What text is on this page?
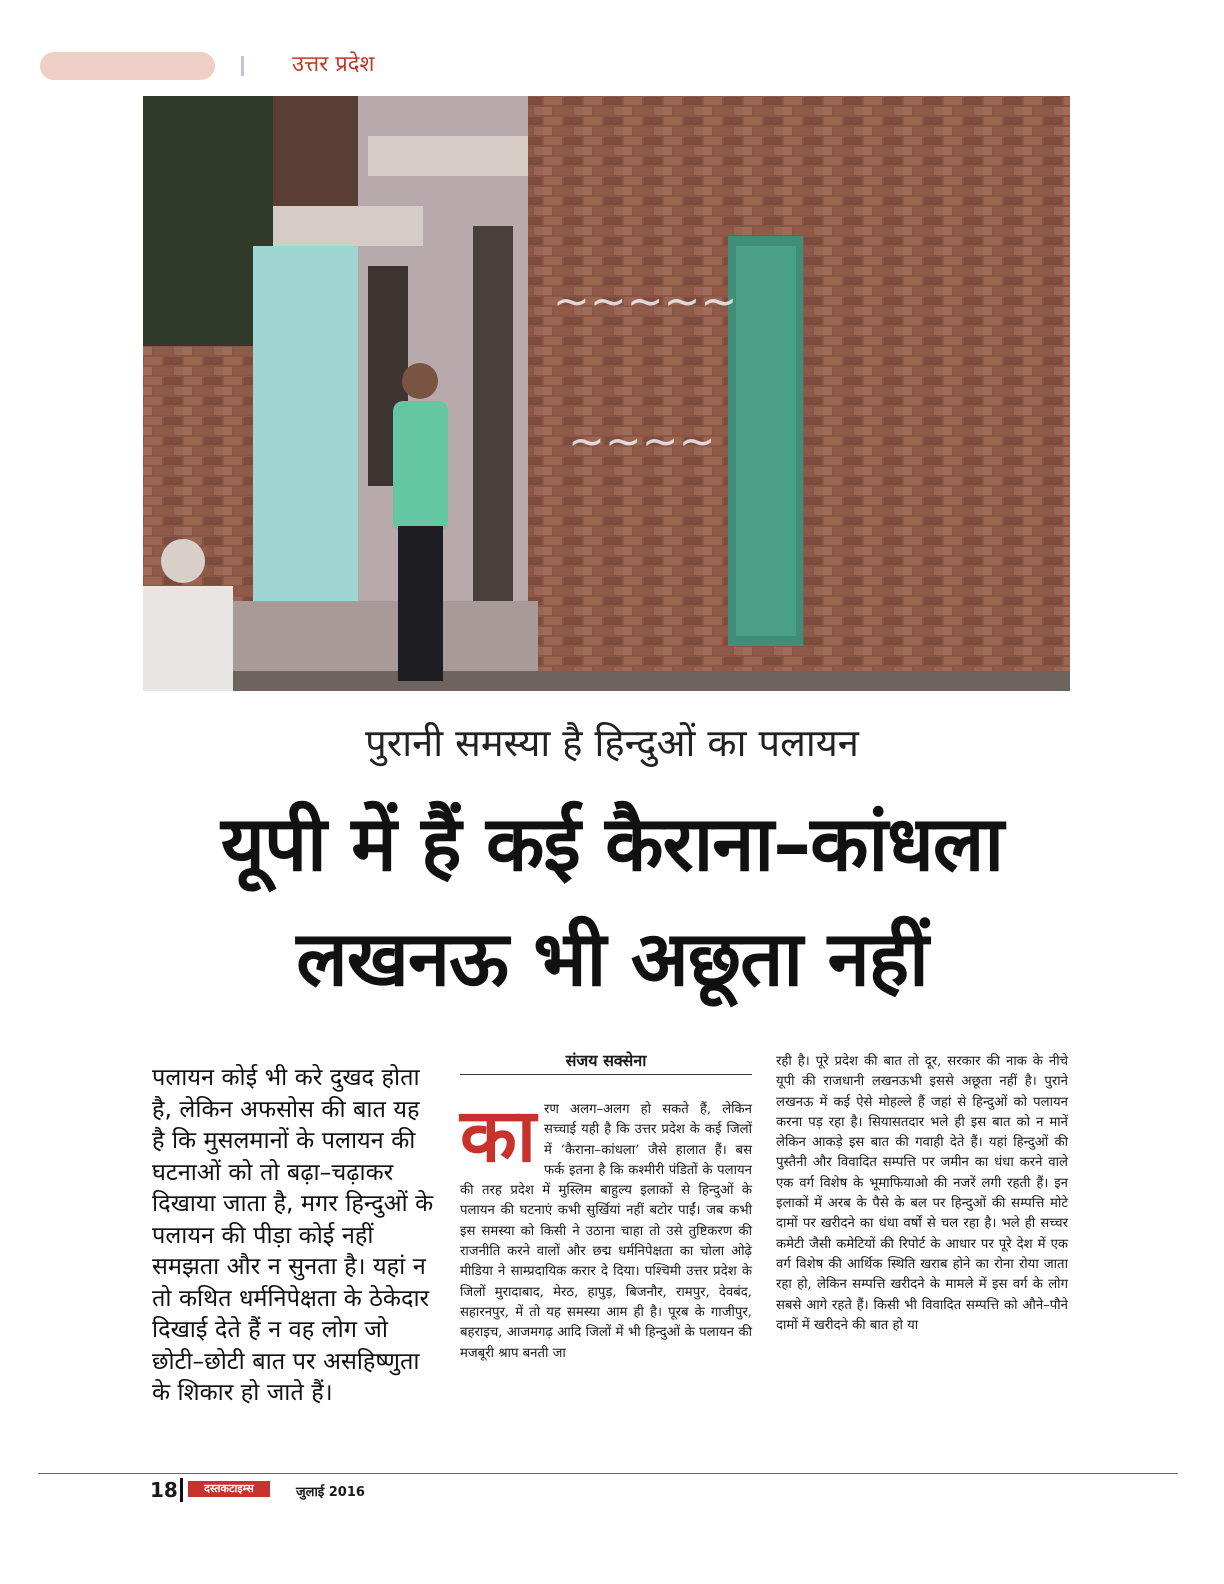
उत्तर प्रदेश
~~~~~
~~~~
पुरानी समस्या है हिन्दुओं का पलायन
यूपी में हैं कई कैराना–कांधला
लखनऊ भी अछूता नहीं
पलायन कोई भी करे दुखद होता है, लेकिन अफसोस की बात यह है कि मुसलमानों के पलायन की घटनाओं को तो बढ़ा–चढ़ाकर दिखाया जाता है, मगर हिन्दुओं के पलायन की पीड़ा कोई नहीं समझता और न सुनता है। यहां न तो कथित धर्मनिपेक्षता के ठेकेदार दिखाई देते हैं न वह लोग जो छोटी–छोटी बात पर असहिष्णुता के शिकार हो जाते हैं।
संजय सक्सेना
का रण अलग–अलग हो सकते हैं, लेकिन सच्चाई यही है कि उत्तर प्रदेश के कई जिलों में ‘कैराना–कांधला’ जैसे हालात हैं। बस फर्क इतना है कि कश्मीरी पंडितों के पलायन की तरह प्रदेश में मुस्लिम बाहुल्य इलाकों से हिन्दुओं के पलायन की घटनाएं कभी सुर्खियां नहीं बटोर पाईं। जब कभी इस समस्या को किसी ने उठाना चाहा तो उसे तुष्टिकरण की राजनीति करने वालों और छद्म धर्मनिपेक्षता का चोला ओढ़े मीडिया ने साम्प्रदायिक करार दे दिया। पश्चिमी उत्तर प्रदेश के जिलों मुरादाबाद, मेरठ, हापुड़, बिजनौर, रामपुर, देवबंद, सहारनपुर, में तो यह समस्या आम ही है। पूरब के गाजीपुर, बहराइच, आजमगढ़ आदि जिलों में भी हिन्दुओं के पलायन की मजबूरी श्राप बनती जा
रही है। पूरे प्रदेश की बात तो दूर, सरकार की नाक के नीचे यूपी की राजधानी लखनऊभी इससे अछूता नहीं है। पुराने लखनऊ में कई ऐसे मोहल्ले हैं जहां से हिन्दुओं को पलायन करना पड़ रहा है। सियासतदार भले ही इस बात को न मानें लेकिन आकड़े इस बात की गवाही देते हैं। यहां हिन्दुओं की पुस्तैनी और विवादित सम्पत्ति पर जमीन का धंधा करने वाले एक वर्ग विशेष के भूमाफियाओ की नजरें लगी रहती हैं। इन इलाकों में अरब के पैसे के बल पर हिन्दुओं की सम्पत्ति मोटे दामों पर खरीदने का धंधा वर्षों से चल रहा है। भले ही सच्चर कमेटी जैसी कमेटियों की रिपोर्ट के आधार पर पूरे देश में एक वर्ग विशेष की आर्थिक स्थिति खराब होने का रोना रोया जाता रहा हो, लेकिन सम्पत्ति खरीदने के मामले में इस वर्ग के लोग सबसे आगे रहते हैं। किसी भी विवादित सम्पत्ति को औने–पौने दामों में खरीदने की बात हो या
18	दस्तकटाइम्स	जुलाई 2016
